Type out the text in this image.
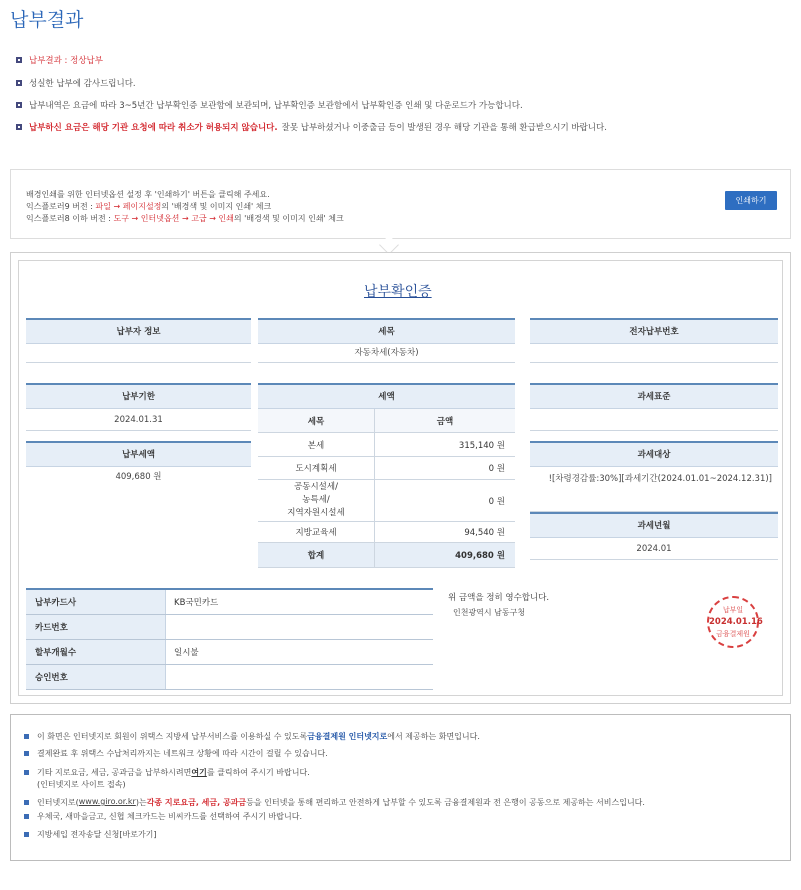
납부결과
납부결과 : 정상납부
성실한 납부에 감사드립니다.
납부내역은 요금에 따라 3~5년간 납부확인증 보관함에 보관되며, 납부확인증 보관함에서 납부확인증 인쇄 및 다운로드가 가능합니다.
납부하신 요금은 해당 기관 요청에 따라 취소가 허용되지 않습니다. 잘못 납부하셨거나 이중출금 등이 발생된 경우 해당 기관을 통해 환급받으시기 바랍니다.
배경인쇄를 위한 인터넷옵션 설정 후 '인쇄하기' 버튼을 클릭해 주세요.
익스플로러9 버전 : 파일 → 페이지설정의 '배경색 및 이미지 인쇄' 체크
익스플로러8 이하 버전 : 도구 → 인터넷옵션 → 고급 → 인쇄의 '배경색 및 이미지 인쇄' 체크
인쇄하기
납부확인증
납부자 정보
납부기한
2024.01.31
납부세액
409,680 원
세목
자동차세(자동차)
세액
세목	금액
본세	315,140 원
도시계획세	0 원
공동시설세/
농특세/
지역자원시설세
0 원
지방교육세	94,540 원
합계	409,680 원
전자납부번호
과세표준
과세대상
![차령경감률:30%][과세기간(2024.01.01~2024.12.31)]
과세년월
2024.01
납부카드사	KB국민카드
카드번호
할부개월수	일시불
승인번호
위 금액을 정히 영수합니다.
인천광역시 남동구청	납부일
2024.01.16
금융결제원
이 화면은 인터넷지로 회원이 위택스 지방세 납부서비스를 이용하실 수 있도록 금융결제원 인터넷지로 에서 제공하는 화면입니다.
결제완료 후 위택스 수납처리까지는 네트워크 상황에 따라 시간이 걸릴 수 있습니다.
기타 지로요금, 세금, 공과금을 납부하시려면 여기 를 클릭하여 주시기 바랍니다.
(인터넷지로 사이트 접속)
인터넷지로( www.giro.or.kr )는 각종 지로요금, 세금, 공과금 등을 인터넷을 통해 편리하고 안전하게 납부할 수 있도록 금융결제원과 전 은행이 공동으로 제공하는 서비스입니다.
우체국, 새마을금고, 신협 체크카드는 비씨카드를 선택하여 주시기 바랍니다.
지방세입 전자송달 신청[바로가기]
